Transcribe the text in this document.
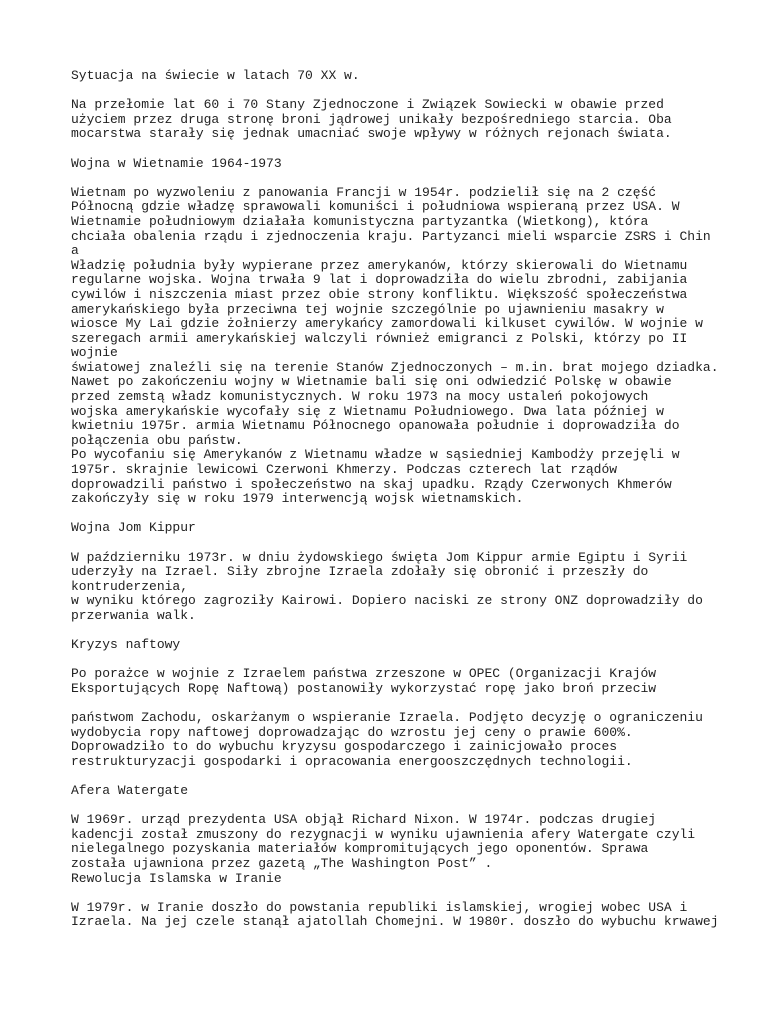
Sytuacja na świecie w latach 70 XX w.
Na przełomie lat 60 i 70 Stany Zjednoczone i Związek Sowiecki w obawie przed
użyciem przez druga stronę broni jądrowej unikały bezpośredniego starcia. Oba
mocarstwa starały się jednak umacniać swoje wpływy w różnych rejonach świata.
Wojna w Wietnamie 1964-1973
Wietnam po wyzwoleniu z panowania Francji w 1954r. podzielił się na 2 część
Północną gdzie władzę sprawowali komuniści i południowa wspieraną przez USA. W
Wietnamie południowym działała komunistyczna partyzantka (Wietkong), która
chciała obalenia rządu i zjednoczenia kraju. Partyzanci mieli wsparcie ZSRS i Chin
a
Władzię południa były wypierane przez amerykanów, którzy skierowali do Wietnamu
regularne wojska. Wojna trwała 9 lat i doprowadziła do wielu zbrodni, zabijania
cywilów i niszczenia miast przez obie strony konfliktu. Większość społeczeństwa
amerykańskiego była przeciwna tej wojnie szczególnie po ujawnieniu masakry w
wiosce My Lai gdzie żołnierzy amerykańcy zamordowali kilkuset cywilów. W wojnie w
szeregach armii amerykańskiej walczyli również emigranci z Polski, którzy po II
wojnie
światowej znaleźli się na terenie Stanów Zjednoczonych – m.in. brat mojego dziadka.
Nawet po zakończeniu wojny w Wietnamie bali się oni odwiedzić Polskę w obawie
przed zemstą władz komunistycznych. W roku 1973 na mocy ustaleń pokojowych
wojska amerykańskie wycofały się z Wietnamu Południowego. Dwa lata później w
kwietniu 1975r. armia Wietnamu Północnego opanowała południe i doprowadziła do
połączenia obu państw.
Po wycofaniu się Amerykanów z Wietnamu władze w sąsiedniej Kambodży przejęli w
1975r. skrajnie lewicowi Czerwoni Khmerzy. Podczas czterech lat rządów
doprowadzili państwo i społeczeństwo na skaj upadku. Rządy Czerwonych Khmerów
zakończyły się w roku 1979 interwencją wojsk wietnamskich.
Wojna Jom Kippur
W październiku 1973r. w dniu żydowskiego święta Jom Kippur armie Egiptu i Syrii
uderzyły na Izrael. Siły zbrojne Izraela zdołały się obronić i przeszły do
kontruderzenia,
w wyniku którego zagroziły Kairowi. Dopiero naciski ze strony ONZ doprowadziły do
przerwania walk.
Kryzys naftowy
Po porażce w wojnie z Izraelem państwa zrzeszone w OPEC (Organizacji Krajów
Eksportujących Ropę Naftową) postanowiły wykorzystać ropę jako broń przeciw
państwom Zachodu, oskarżanym o wspieranie Izraela. Podjęto decyzję o ograniczeniu
wydobycia ropy naftowej doprowadzając do wzrostu jej ceny o prawie 600%.
Doprowadziło to do wybuchu kryzysu gospodarczego i zainicjowało proces
restrukturyzacji gospodarki i opracowania energooszczędnych technologii.
Afera Watergate
W 1969r. urząd prezydenta USA objął Richard Nixon. W 1974r. podczas drugiej
kadencji został zmuszony do rezygnacji w wyniku ujawnienia afery Watergate czyli
nielegalnego pozyskania materiałów kompromitujących jego oponentów. Sprawa
została ujawniona przez gazetą „The Washington Post” .
Rewolucja Islamska w Iranie
W 1979r. w Iranie doszło do powstania republiki islamskiej, wrogiej wobec USA i
Izraela. Na jej czele stanął ajatollah Chomejni. W 1980r. doszło do wybuchu krwawej
